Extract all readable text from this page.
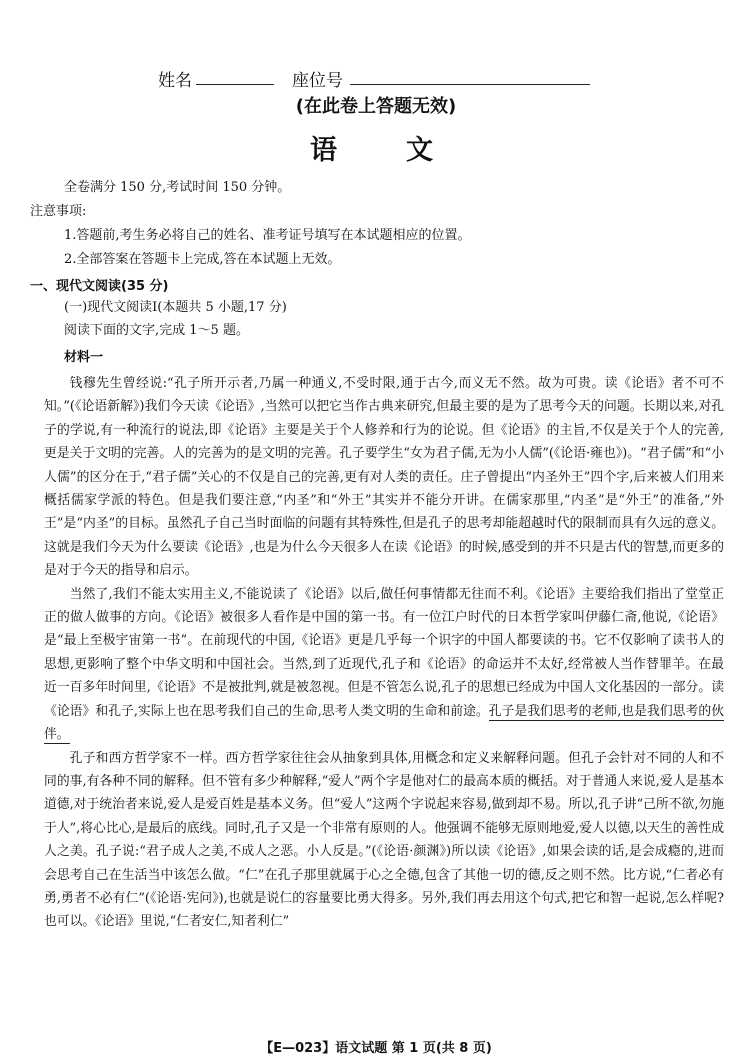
姓名	座位号
(在此卷上答题无效)
语	文
全卷满分 150 分,考试时间 150 分钟。
注意事项:
1.答题前,考生务必将自己的姓名、准考证号填写在本试题相应的位置。
2.全部答案在答题卡上完成,答在本试题上无效。
一、现代文阅读(35 分)
(一)现代文阅读Ⅰ(本题共 5 小题,17 分)
阅读下面的文字,完成 1～5 题。
材料一

钱穆先生曾经说:“孔子所开示者,乃属一种通义,不受时限,通于古今,而义无不然。故为可贵。读《论语》者不可不知。”(《论语新解》)我们今天读《论语》,当然可以把它当作古典来研究,但最主要的是为了思考今天的问题。长期以来,对孔子的学说,有一种流行的说法,即《论语》主要是关于个人修养和行为的论说。但《论语》的主旨,不仅是关于个人的完善,更是关于文明的完善。人的完善为的是文明的完善。孔子要学生“女为君子儒,无为小人儒”(《论语·雍也》)。“君子儒”和“小人儒”的区分在于,“君子儒”关心的不仅是自己的完善,更有对人类的责任。庄子曾提出“内圣外王”四个字,后来被人们用来概括儒家学派的特色。但是我们要注意,“内圣”和“外王”其实并不能分开讲。在儒家那里,“内圣”是“外王”的准备,“外王”是“内圣”的目标。虽然孔子自己当时面临的问题有其特殊性,但是孔子的思考却能超越时代的限制而具有久远的意义。这就是我们今天为什么要读《论语》,也是为什么今天很多人在读《论语》的时候,感受到的并不只是古代的智慧,而更多的是对于今天的指导和启示。

当然了,我们不能太实用主义,不能说读了《论语》以后,做任何事情都无往而不利。《论语》主要给我们指出了堂堂正正的做人做事的方向。《论语》被很多人看作是中国的第一书。有一位江户时代的日本哲学家叫伊藤仁斋,他说,《论语》是“最上至极宇宙第一书”。在前现代的中国,《论语》更是几乎每一个识字的中国人都要读的书。它不仅影响了读书人的思想,更影响了整个中华文明和中国社会。当然,到了近现代,孔子和《论语》的命运并不太好,经常被人当作替罪羊。在最近一百多年时间里,《论语》不是被批判,就是被忽视。但是不管怎么说,孔子的思想已经成为中国人文化基因的一部分。读《论语》和孔子,实际上也在思考我们自己的生命,思考人类文明的生命和前途。孔子是我们思考的老师,也是我们思考的伙伴。

孔子和西方哲学家不一样。西方哲学家往往会从抽象到具体,用概念和定义来解释问题。但孔子会针对不同的人和不同的事,有各种不同的解释。但不管有多少种解释,“爱人”两个字是他对仁的最高本质的概括。对于普通人来说,爱人是基本道德,对于统治者来说,爱人是爱百姓是基本义务。但“爱人”这两个字说起来容易,做到却不易。所以,孔子讲“己所不欲,勿施于人”,将心比心,是最后的底线。同时,孔子又是一个非常有原则的人。他强调不能够无原则地爱,爱人以德,以天生的善性成人之美。孔子说:“君子成人之美,不成人之恶。小人反是。”(《论语·颜渊》)所以读《论语》,如果会读的话,是会成瘾的,进而会思考自己在生活当中该怎么做。“仁”在孔子那里就属于心之全德,包含了其他一切的德,反之则不然。比方说,“仁者必有勇,勇者不必有仁”(《论语·宪问》),也就是说仁的容量要比勇大得多。另外,我们再去用这个句式,把它和智一起说,怎么样呢?也可以。《论语》里说,“仁者安仁,知者利仁”

【E—023】语文试题 第 1 页(共 8 页)
